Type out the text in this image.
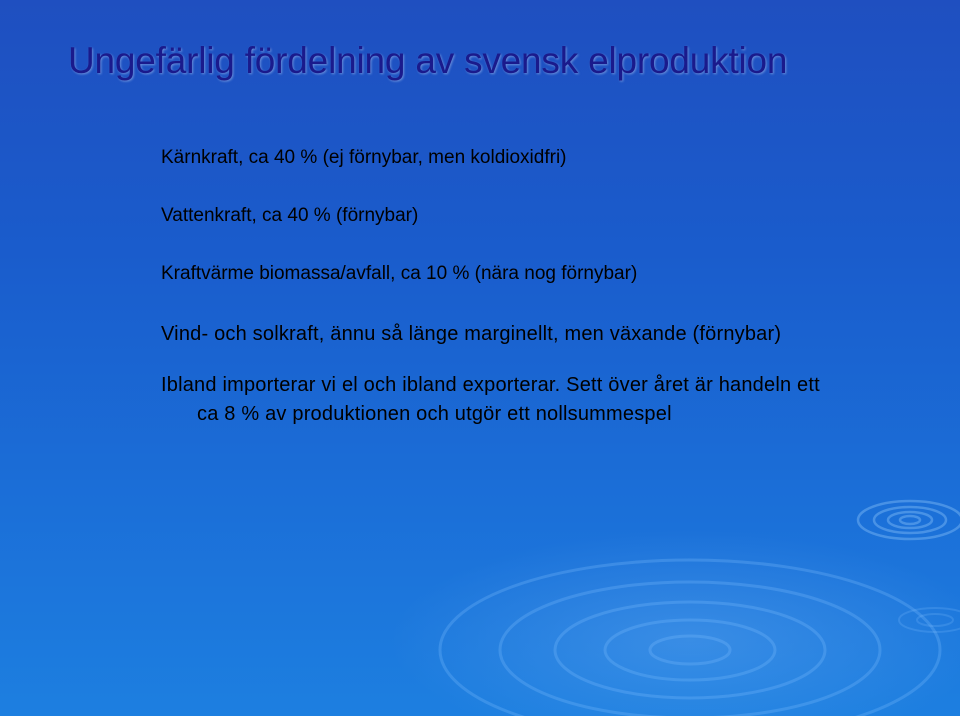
Ungefärlig fördelning av svensk elproduktion
Kärnkraft, ca 40 % (ej förnybar, men koldioxidfri)
Vattenkraft, ca 40 % (förnybar)
Kraftvärme biomassa/avfall, ca 10 % (nära nog förnybar)
Vind- och solkraft, ännu så länge marginellt, men växande (förnybar)
Ibland importerar vi el och ibland exporterar. Sett över året är handeln ett ca 8 % av produktionen och utgör ett nollsummespel
